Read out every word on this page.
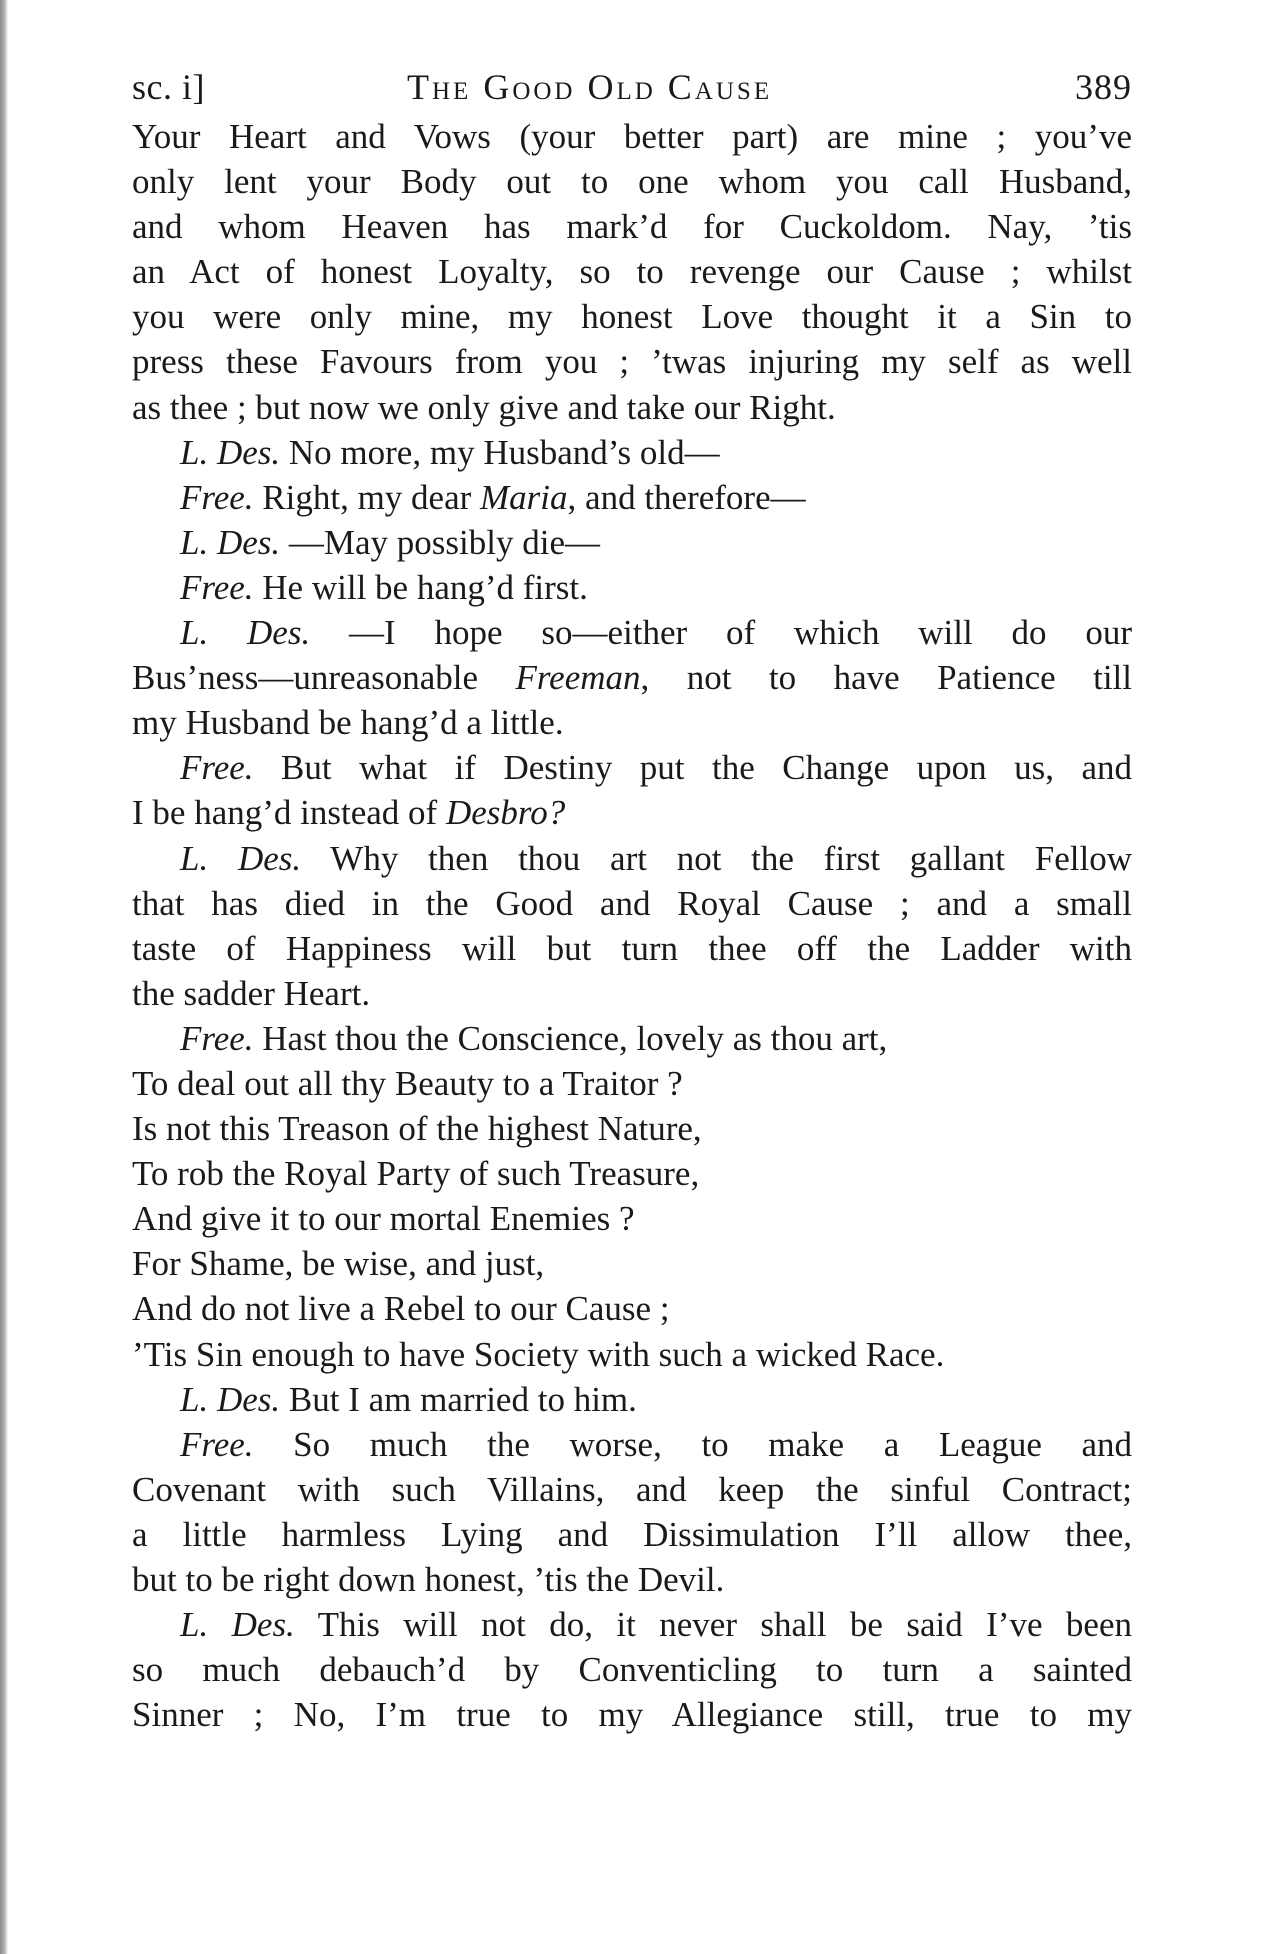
sc. i]	The Good Old Cause	389
Your Heart and Vows (your better part) are mine ; you’ve
only lent your Body out to one whom you call Husband,
and whom Heaven has mark’d for Cuckoldom. Nay, ’tis
an Act of honest Loyalty, so to revenge our Cause ; whilst
you were only mine, my honest Love thought it a Sin to
press these Favours from you ; ’twas injuring my self as well
as thee ; but now we only give and take our Right.
L. Des. No more, my Husband’s old—
Free. Right, my dear Maria, and therefore—
L. Des. —May possibly die—
Free. He will be hang’d first.
L. Des. —I hope so—either of which will do our
Bus’ness—unreasonable Freeman, not to have Patience till
my Husband be hang’d a little.
Free. But what if Destiny put the Change upon us, and
I be hang’d instead of Desbro?
L. Des. Why then thou art not the first gallant Fellow
that has died in the Good and Royal Cause ; and a small
taste of Happiness will but turn thee off the Ladder with
the sadder Heart.
Free. Hast thou the Conscience, lovely as thou art,
To deal out all thy Beauty to a Traitor ?
Is not this Treason of the highest Nature,
To rob the Royal Party of such Treasure,
And give it to our mortal Enemies ?
For Shame, be wise, and just,
And do not live a Rebel to our Cause ;
’Tis Sin enough to have Society with such a wicked Race.
L. Des. But I am married to him.
Free. So much the worse, to make a League and
Covenant with such Villains, and keep the sinful Contract;
a little harmless Lying and Dissimulation I’ll allow thee,
but to be right down honest, ’tis the Devil.
L. Des. This will not do, it never shall be said I’ve been
so much debauch’d by Conventicling to turn a sainted
Sinner ; No, I’m true to my Allegiance still, true to my
